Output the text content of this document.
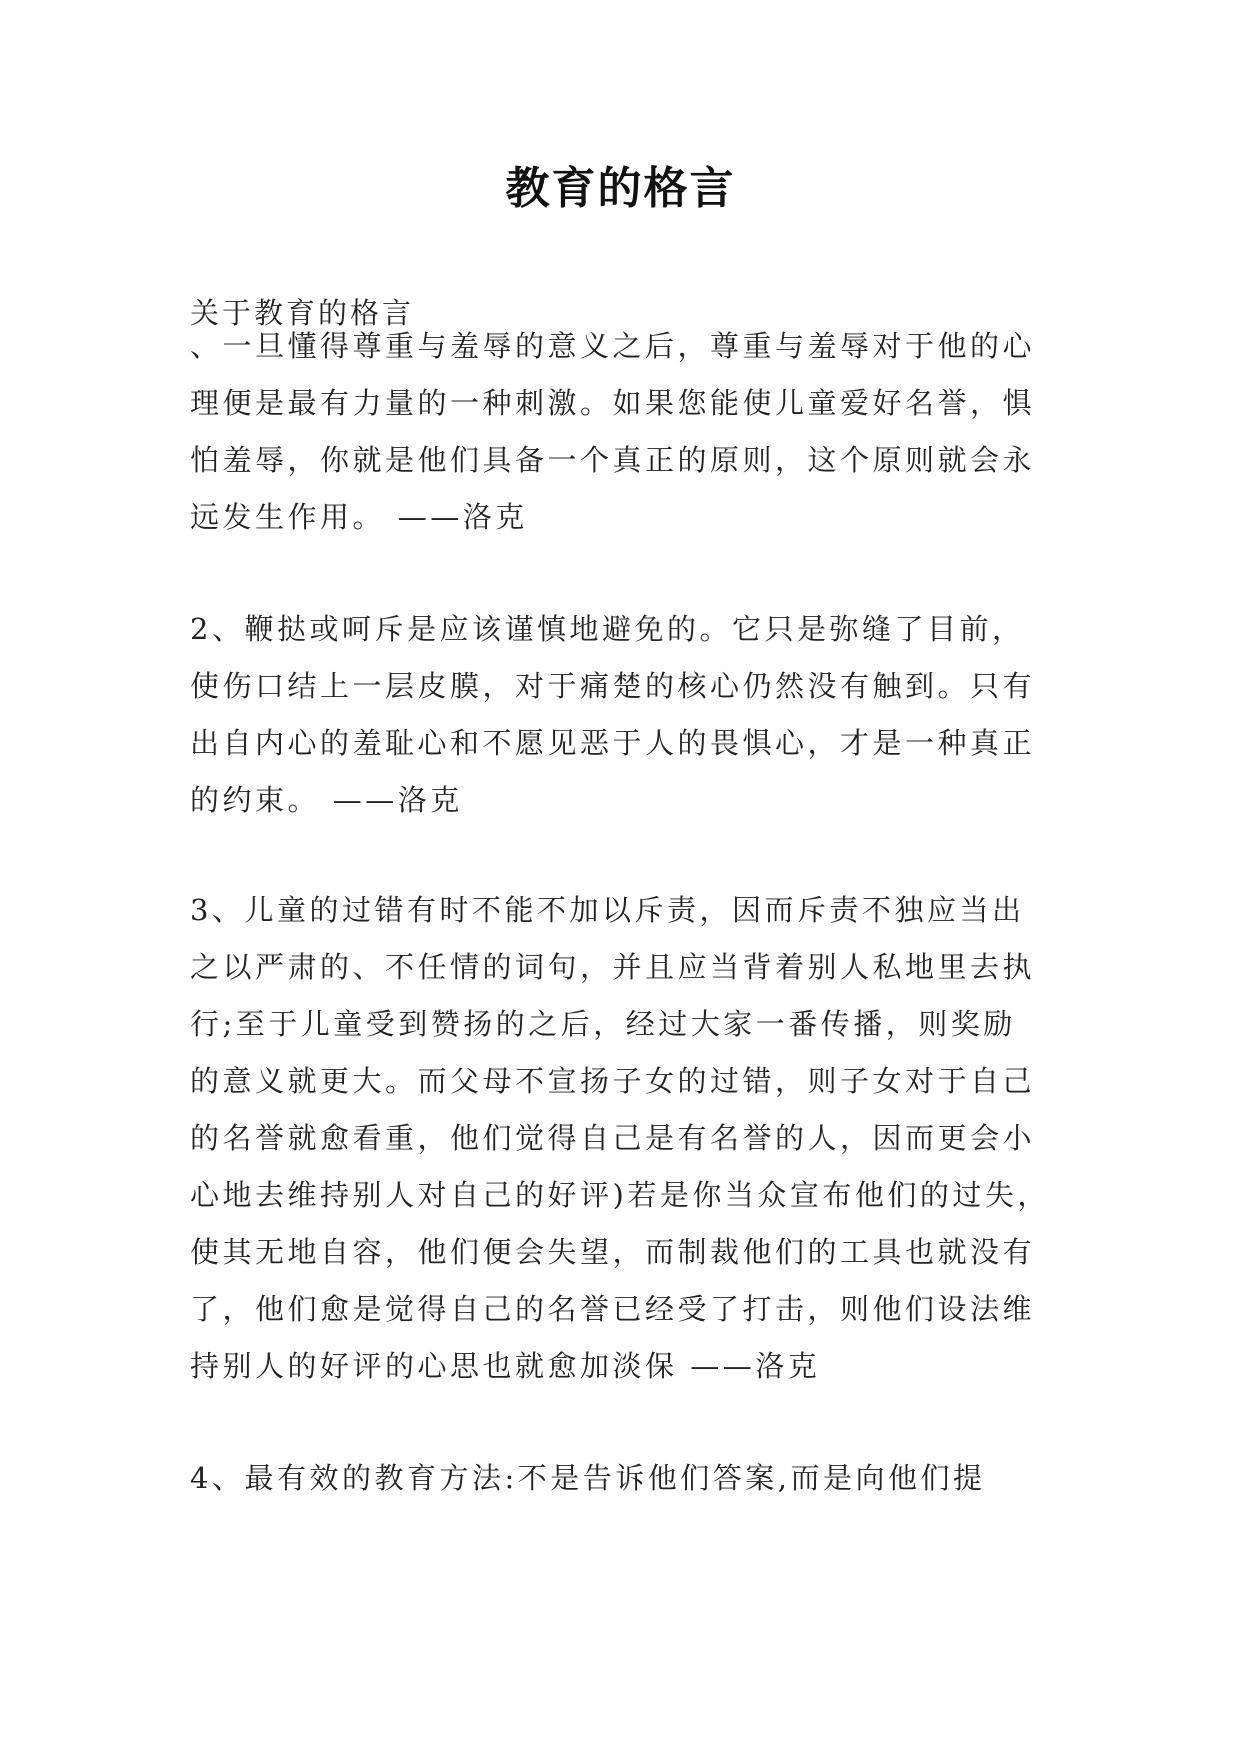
教育的格言
关于教育的格言
、一旦懂得尊重与羞辱的意义之后，尊重与羞辱对于他的心
理便是最有力量的一种刺激。如果您能使儿童爱好名誉，惧
怕羞辱，你就是他们具备一个真正的原则，这个原则就会永
远发生作用。 ——洛克
2、鞭挞或呵斥是应该谨慎地避免的。它只是弥缝了目前，
使伤口结上一层皮膜，对于痛楚的核心仍然没有触到。只有
出自内心的羞耻心和不愿见恶于人的畏惧心，才是一种真正
的约束。 ——洛克
3、儿童的过错有时不能不加以斥责，因而斥责不独应当出
之以严肃的、不任情的词句，并且应当背着别人私地里去执
行;至于儿童受到赞扬的之后，经过大家一番传播，则奖励
的意义就更大。而父母不宣扬子女的过错，则子女对于自己
的名誉就愈看重，他们觉得自己是有名誉的人，因而更会小
心地去维持别人对自己的好评)若是你当众宣布他们的过失，
使其无地自容，他们便会失望，而制裁他们的工具也就没有
了，他们愈是觉得自己的名誉已经受了打击，则他们设法维
持别人的好评的心思也就愈加淡保 ——洛克
4、最有效的教育方法:不是告诉他们答案,而是向他们提
